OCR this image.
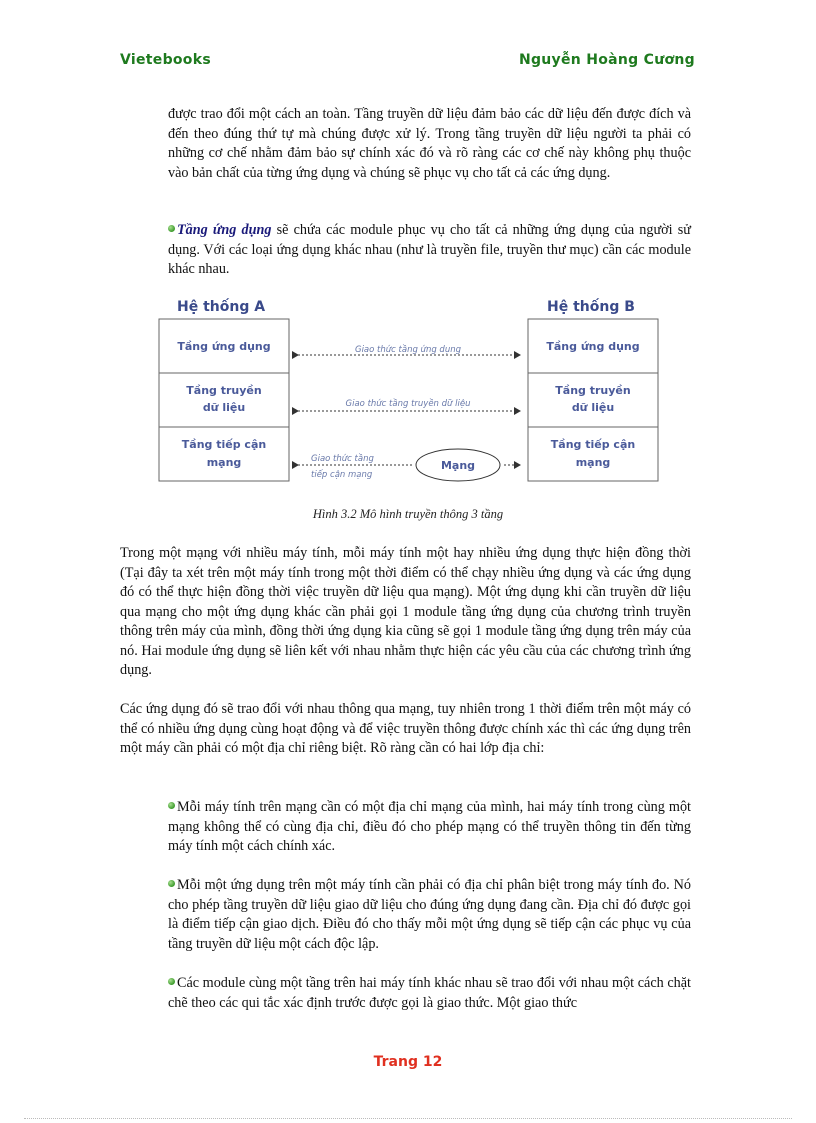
Vietebooks	Nguyễn Hoàng Cương

được trao đổi một cách an toàn. Tầng truyền dữ liệu đảm bảo các dữ liệu đến được đích và đến theo đúng thứ tự mà chúng được xử lý. Trong tầng truyền dữ liệu người ta phải có những cơ chế nhằm đảm bảo sự chính xác đó và rõ ràng các cơ chế này không phụ thuộc vào bản chất của từng ứng dụng và chúng sẽ phục vụ cho tất cả các ứng dụng.

Tầng ứng dụng sẽ chứa các module phục vụ cho tất cả những ứng dụng của người sử dụng. Với các loại ứng dụng khác nhau (như là truyền file, truyền thư mục) cần các module khác nhau.

Hệ thống A	Hệ thống B
Tầng ứng dụng
Tầng truyền
dữ liệu
Tầng tiếp cận
mạng
Tầng ứng dụng
Tầng truyền
dữ liệu
Tầng tiếp cận
mạng
Giao thức tầng ứng dụng
Giao thức tầng truyền dữ liệu
Giao thức tầng
tiếp cận mạng
Mạng
Hình 3.2 Mô hình truyền thông 3 tầng

Trong một mạng với nhiều máy tính, mỗi máy tính một hay nhiều ứng dụng thực hiện đồng thời (Tại đây ta xét trên một máy tính trong một thời điểm có thể chạy nhiều ứng dụng và các ứng dụng đó có thể thực hiện đồng thời việc truyền dữ liệu qua mạng). Một ứng dụng khi cần truyền dữ liệu qua mạng cho một ứng dụng khác cần phải gọi 1 module tầng ứng dụng của chương trình truyền thông trên máy của mình, đồng thời ứng dụng kia cũng sẽ gọi 1 module tầng ứng dụng trên máy của nó. Hai module ứng dụng sẽ liên kết với nhau nhằm thực hiện các yêu cầu của các chương trình ứng dụng.

Các ứng dụng đó sẽ trao đổi với nhau thông qua mạng, tuy nhiên trong 1 thời điểm trên một máy có thể có nhiều ứng dụng cùng hoạt động và để việc truyền thông được chính xác thì các ứng dụng trên một máy cần phải có một địa chỉ riêng biệt. Rõ ràng cần có hai lớp địa chỉ:

Mỗi máy tính trên mạng cần có một địa chỉ mạng của mình, hai máy tính trong cùng một mạng không thể có cùng địa chỉ, điều đó cho phép mạng có thể truyền thông tin đến từng máy tính một cách chính xác.

Mỗi một ứng dụng trên một máy tính cần phải có địa chỉ phân biệt trong máy tính đo. Nó cho phép tầng truyền dữ liệu giao dữ liệu cho đúng ứng dụng đang cần. Địa chỉ đó được gọi là điểm tiếp cận giao dịch. Điều đó cho thấy mỗi một ứng dụng sẽ tiếp cận các phục vụ của tầng truyền dữ liệu một cách độc lập.

Các module cùng một tầng trên hai máy tính khác nhau sẽ trao đổi với nhau một cách chặt chẽ theo các qui tắc xác định trước được gọi là giao thức. Một giao thức

Trang 12
